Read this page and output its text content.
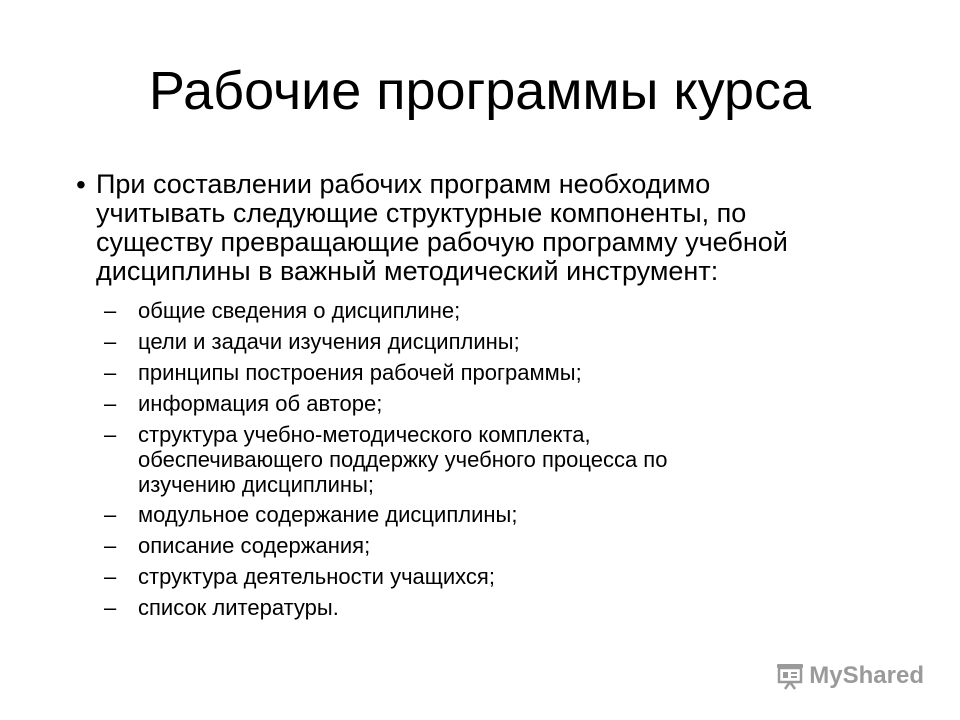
Рабочие программы курса
• При составлении рабочих программ необходимо учитывать следующие структурные компоненты, по существу превращающие рабочую программу учебной дисциплины в важный методический инструмент:
– общие сведения о дисциплине;
– цели и задачи изучения дисциплины;
– принципы построения рабочей программы;
– информация об авторе;
– структура учебно-методического комплекта, обеспечивающего поддержку учебного процесса по изучению дисциплины;
– модульное содержание дисциплины;
– описание содержания;
– структура деятельности учащихся;
– список литературы.
MyShared
